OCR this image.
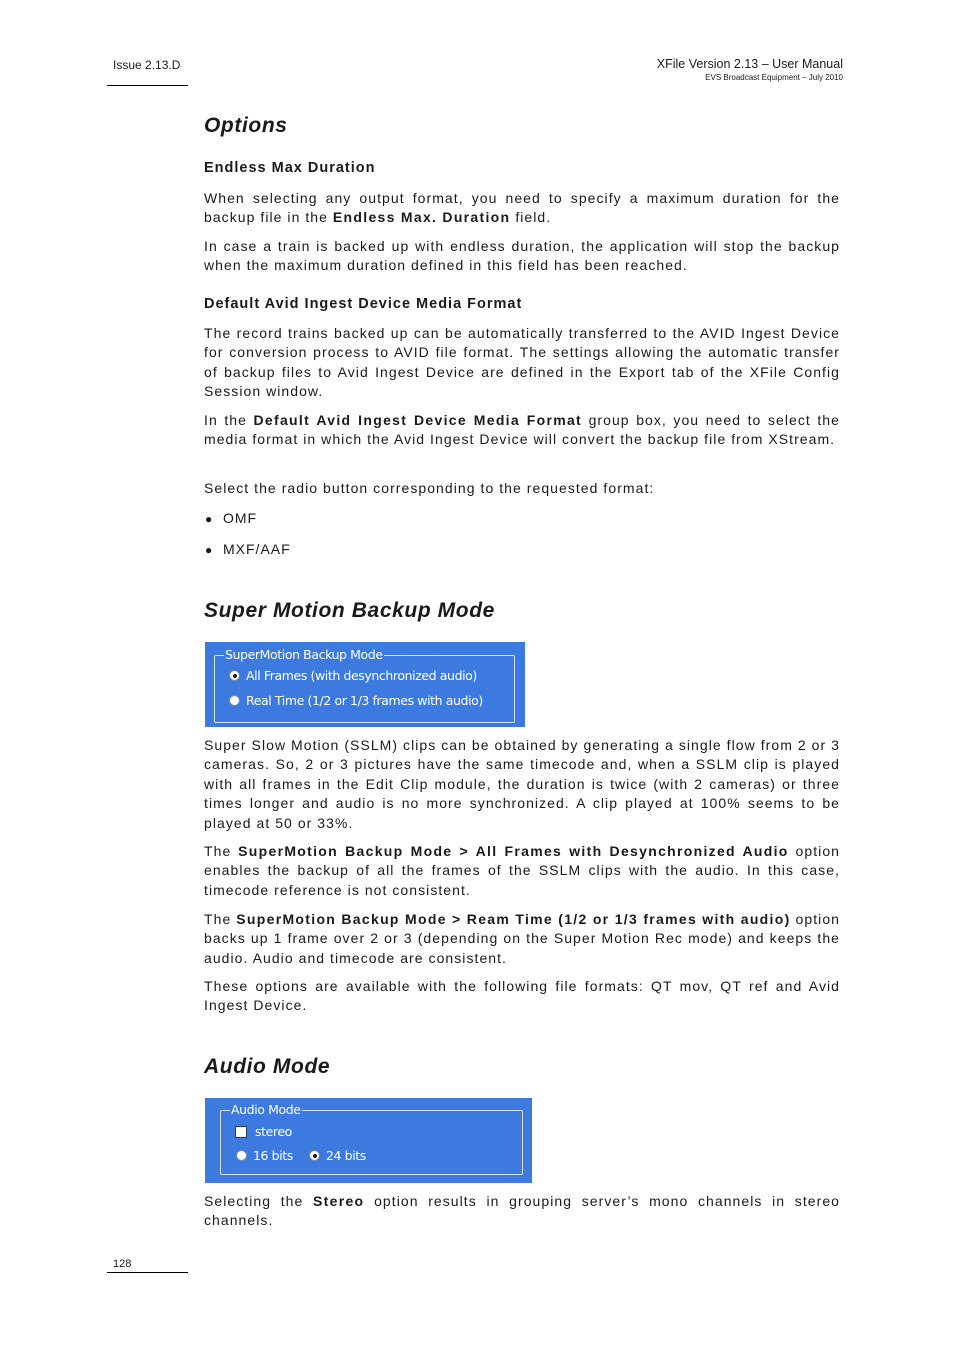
Issue 2.13.D	XFile Version 2.13 – User Manual
EVS Broadcast Equipment – July 2010
Options
Endless Max Duration

When selecting any output format, you need to specify a maximum duration for the backup file in the Endless Max. Duration field.

In case a train is backed up with endless duration, the application will stop the backup when the maximum duration defined in this field has been reached.

Default Avid Ingest Device Media Format

The record trains backed up can be automatically transferred to the AVID Ingest Device for conversion process to AVID file format. The settings allowing the automatic transfer of backup files to Avid Ingest Device are defined in the Export tab of the XFile Config Session window.

In the Default Avid Ingest Device Media Format group box, you need to select the media format in which the Avid Ingest Device will convert the backup file from XStream.

Select the radio button corresponding to the requested format:

● OMF
● MXF/AAF
Super Motion Backup Mode
SuperMotion Backup Mode
All Frames (with desynchronized audio)
Real Time (1/2 or 1/3 frames with audio)

Super Slow Motion (SSLM) clips can be obtained by generating a single flow from 2 or 3 cameras. So, 2 or 3 pictures have the same timecode and, when a SSLM clip is played with all frames in the Edit Clip module, the duration is twice (with 2 cameras) or three times longer and audio is no more synchronized. A clip played at 100% seems to be played at 50 or 33%.

The SuperMotion Backup Mode > All Frames with Desynchronized Audio option enables the backup of all the frames of the SSLM clips with the audio. In this case, timecode reference is not consistent.

The SuperMotion Backup Mode > Ream Time (1/2 or 1/3 frames with audio) option backs up 1 frame over 2 or 3 (depending on the Super Motion Rec mode) and keeps the audio. Audio and timecode are consistent.

These options are available with the following file formats: QT mov, QT ref and Avid Ingest Device.

Audio Mode
Audio Mode
stereo
16 bits	24 bits

Selecting the Stereo option results in grouping server’s mono channels in stereo channels.

128
